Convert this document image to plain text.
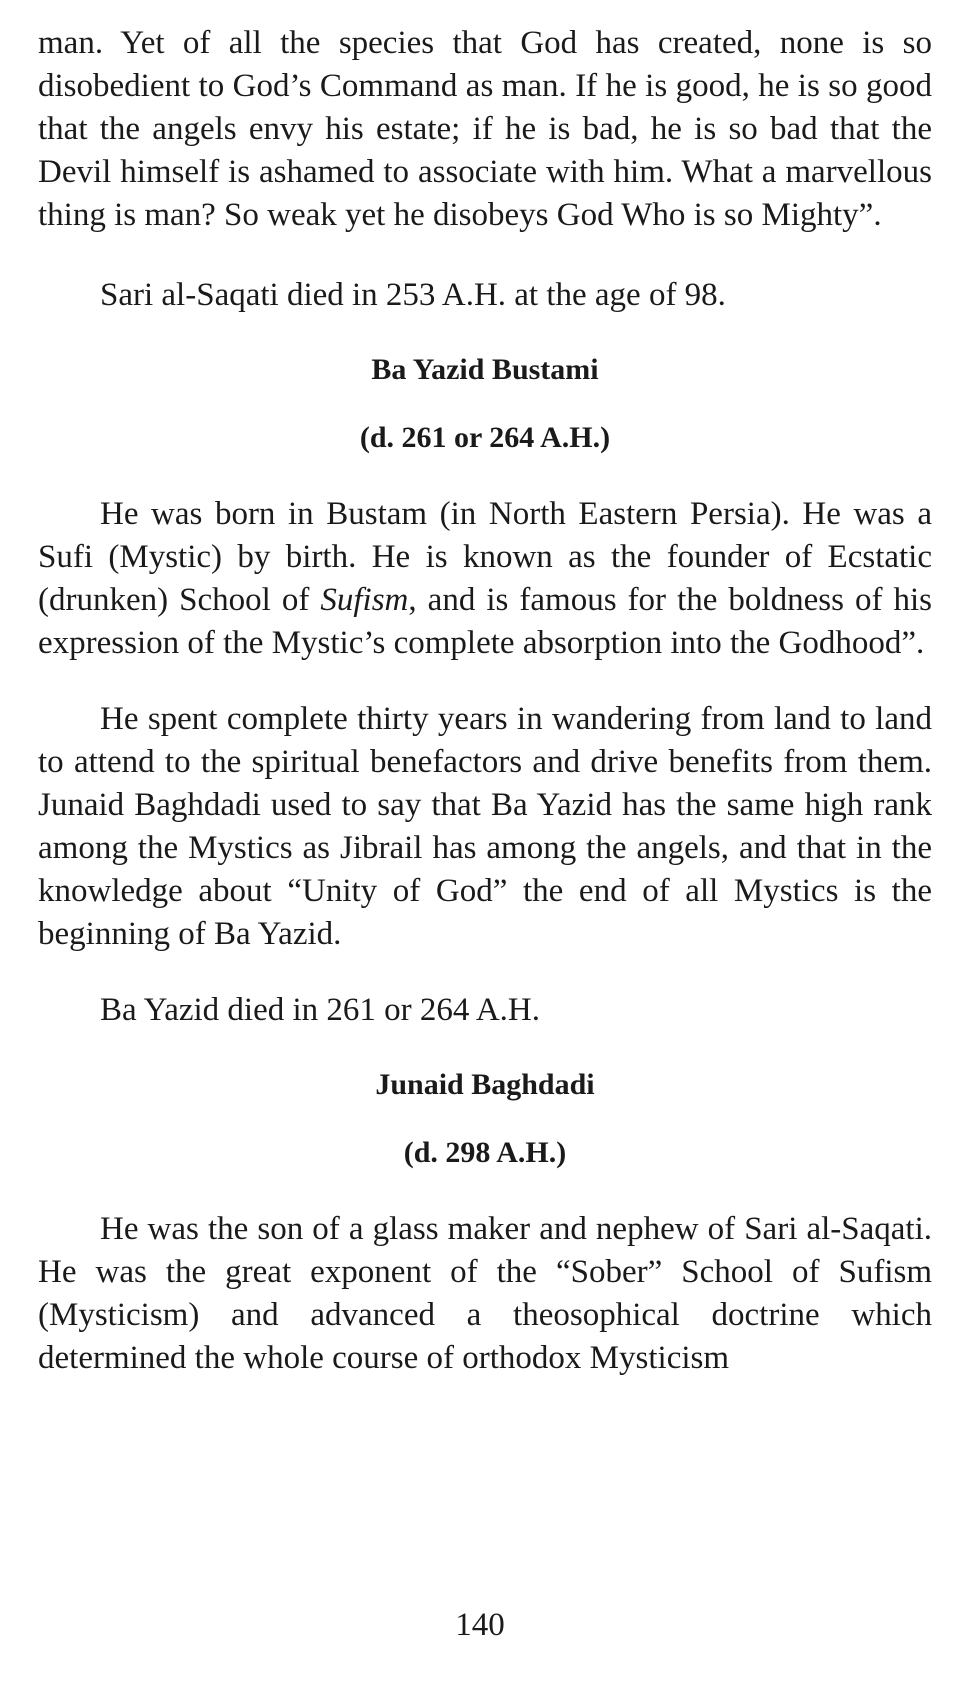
man. Yet of all the species that God has created, none is so disobedient to God’s Command as man. If he is good, he is so good that the angels envy his estate; if he is bad, he is so bad that the Devil himself is ashamed to associate with him. What a marvellous thing is man? So weak yet he disobeys God Who is so Mighty”.

Sari al-Saqati died in 253 A.H. at the age of 98.

Ba Yazid Bustami

(d. 261 or 264 A.H.)

He was born in Bustam (in North Eastern Persia). He was a Sufi (Mystic) by birth. He is known as the founder of Ecstatic (drunken) School of Sufism, and is famous for the boldness of his expression of the Mystic’s complete absorption into the Godhood”.

He spent complete thirty years in wandering from land to land to attend to the spiritual benefactors and drive benefits from them. Junaid Baghdadi used to say that Ba Yazid has the same high rank among the Mystics as Jibrail has among the angels, and that in the knowledge about “Unity of God” the end of all Mystics is the beginning of Ba Yazid.

Ba Yazid died in 261 or 264 A.H.

Junaid Baghdadi

(d. 298 A.H.)

He was the son of a glass maker and nephew of Sari al-Saqati. He was the great exponent of the “Sober” School of Sufism (Mysticism) and advanced a theosophical doctrine which determined the whole course of orthodox Mysticism

140
